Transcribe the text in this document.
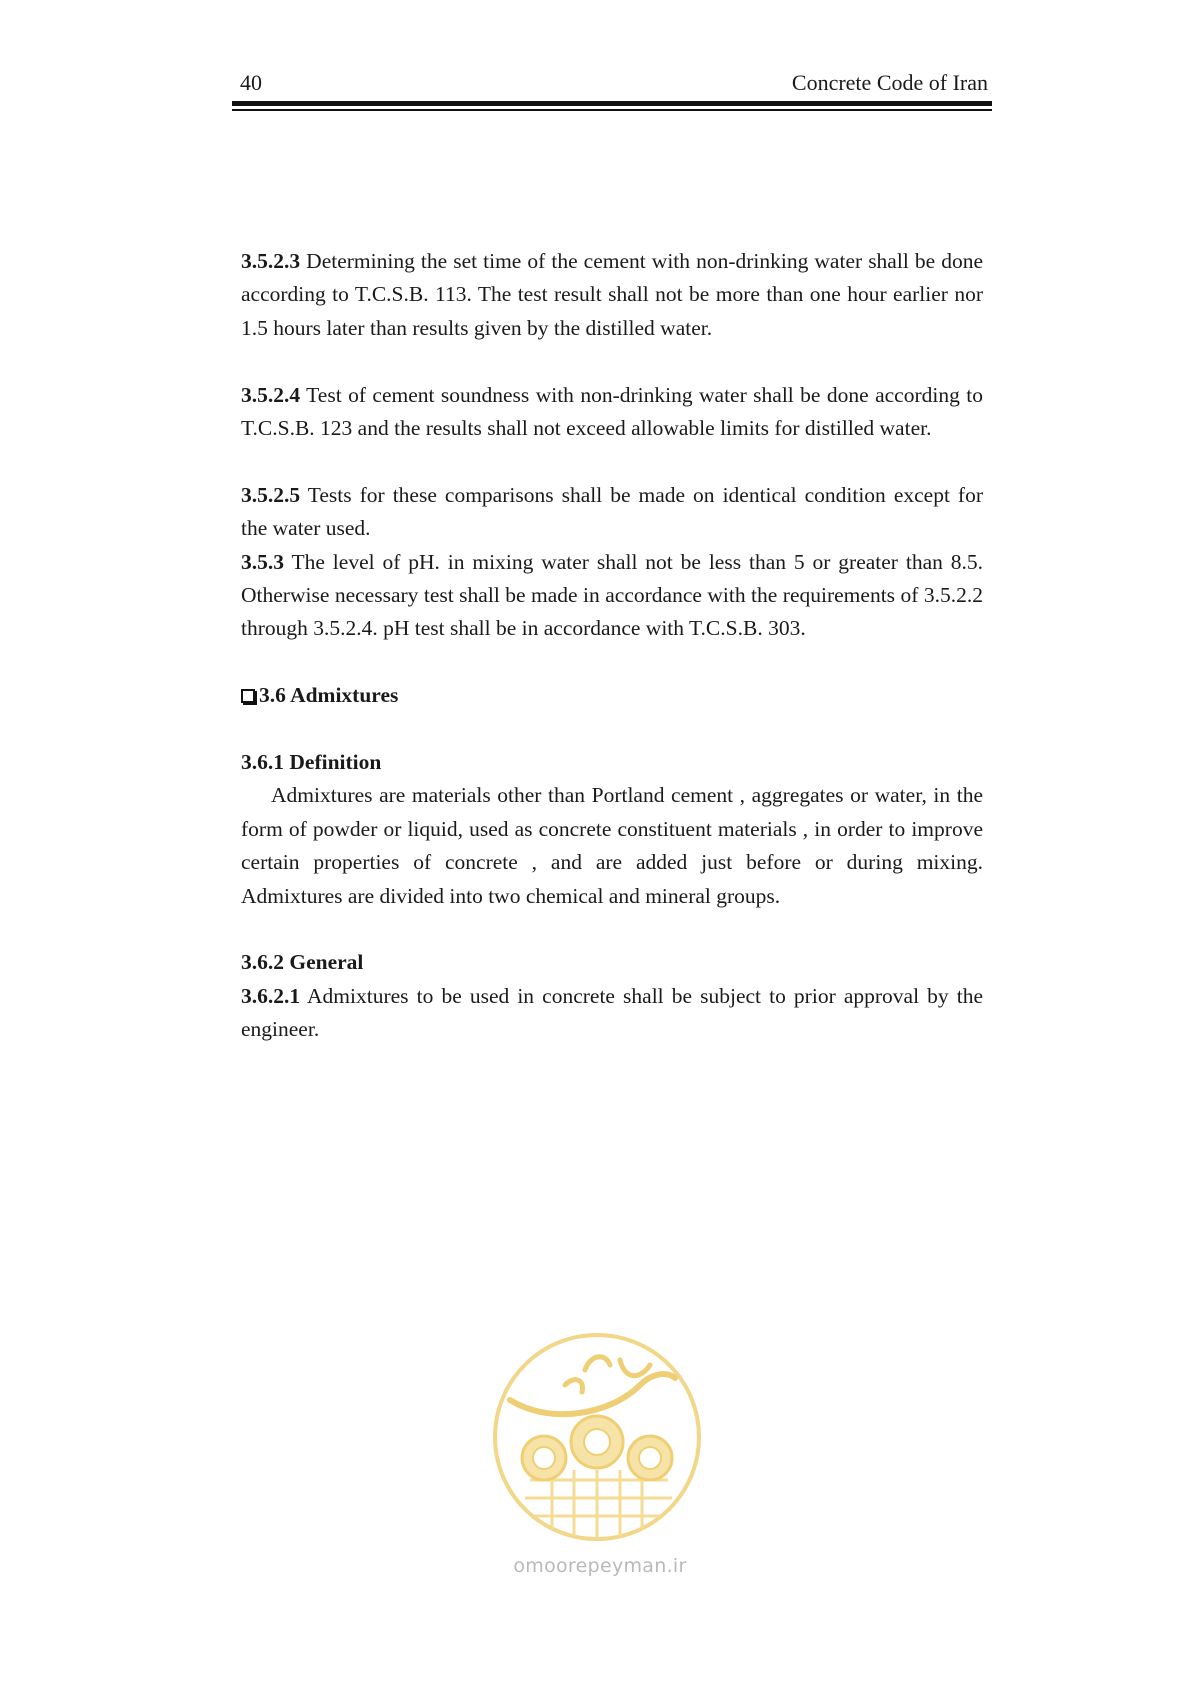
40	Concrete Code of Iran

3.5.2.3 Determining the set time of the cement with non-drinking water shall be done according to T.C.S.B. 113. The test result shall not be more than one hour earlier nor 1.5 hours later than results given by the distilled water.

3.5.2.4 Test of cement soundness with non-drinking water shall be done according to T.C.S.B. 123 and the results shall not exceed allowable limits for distilled water.

3.5.2.5 Tests for these comparisons shall be made on identical condition except for the water used.

3.5.3 The level of pH. in mixing water shall not be less than 5 or greater than 8.5. Otherwise necessary test shall be made in accordance with the requirements of 3.5.2.2 through 3.5.2.4. pH test shall be in accordance with T.C.S.B. 303.

3.6 Admixtures

3.6.1 Definition

Admixtures are materials other than Portland cement , aggregates or water, in the form of powder or liquid, used as concrete constituent materials , in order to improve certain properties of concrete , and are added just before or during mixing. Admixtures are divided into two chemical and mineral groups.

3.6.2 General

3.6.2.1 Admixtures to be used in concrete shall be subject to prior approval by the engineer.

omoorepeyman.ir
